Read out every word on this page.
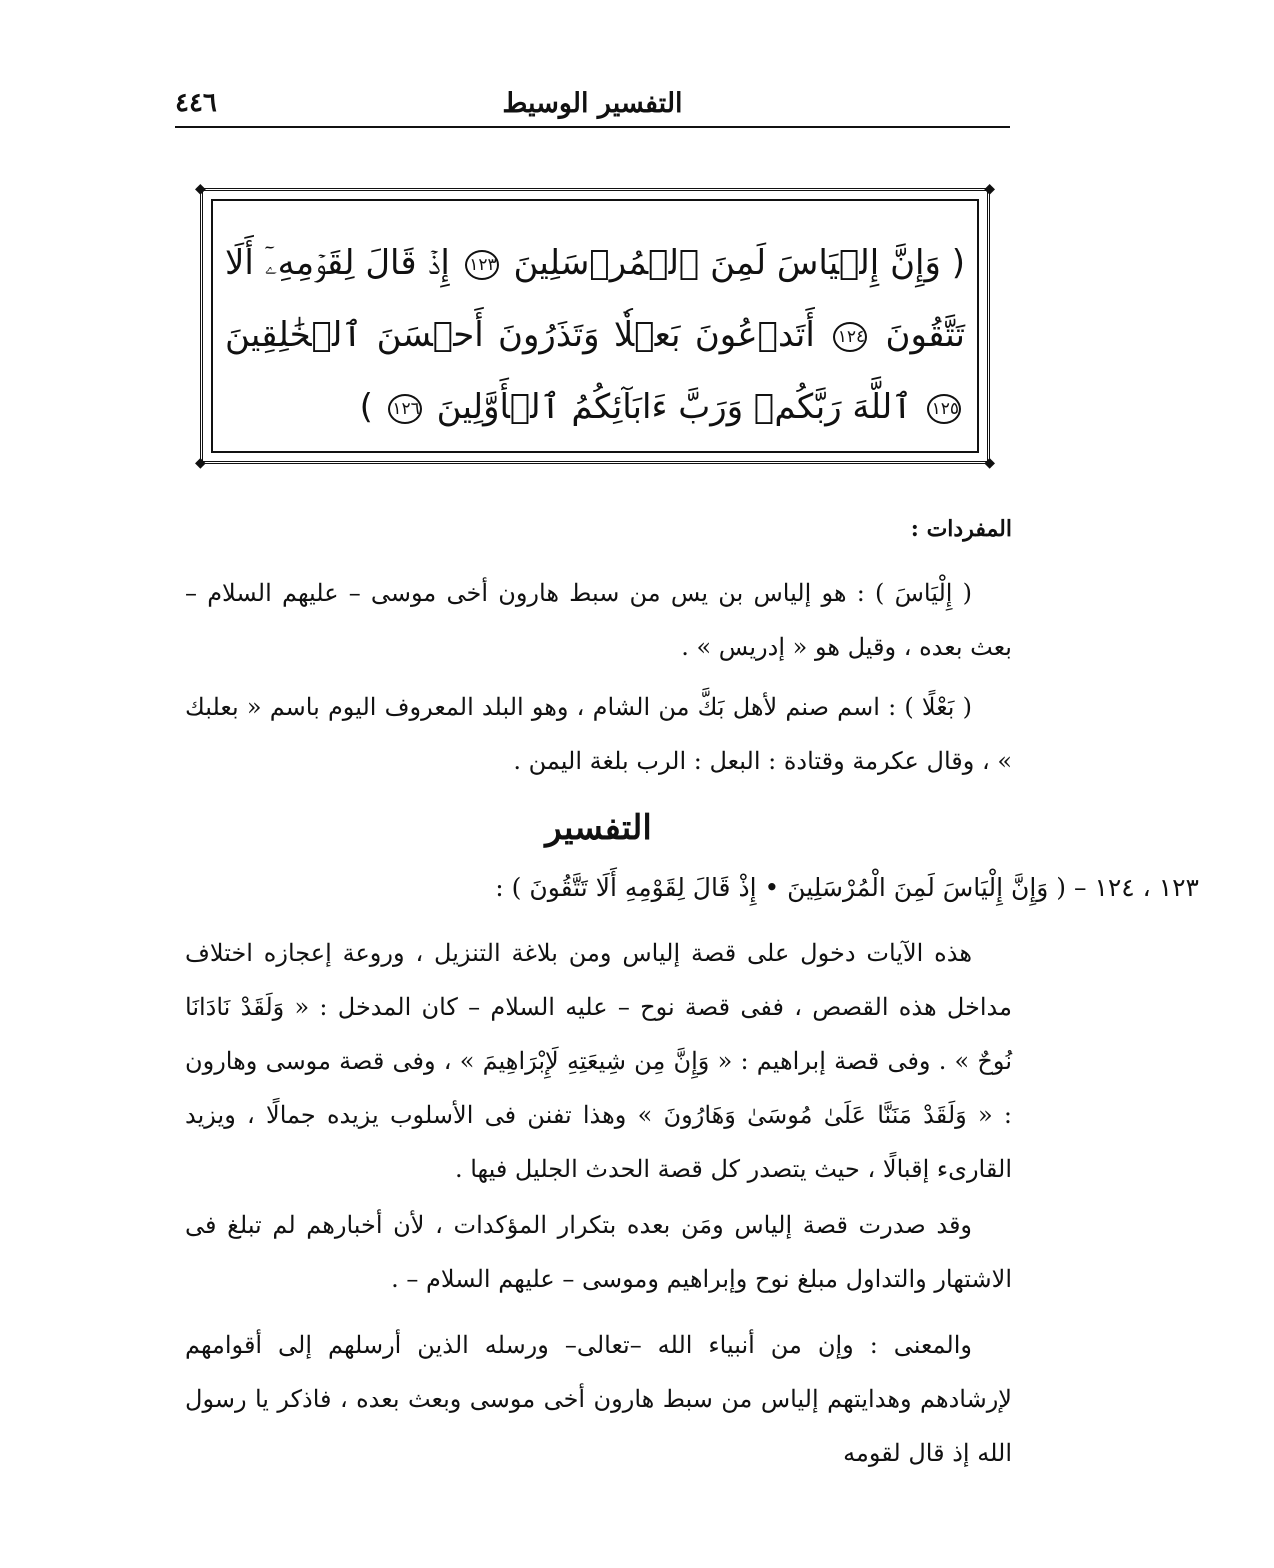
٤٤٦	التفسير الوسيط
◆	◆
◆	◆
( وَإِنَّ إِلۡيَاسَ لَمِنَ ٱلۡمُرۡسَلِينَ ١٢٣ إِذۡ قَالَ لِقَوۡمِهِۦٓ أَلَا تَتَّقُونَ ١٢٤ أَتَدۡعُونَ بَعۡلٗا وَتَذَرُونَ أَحۡسَنَ ٱلۡخَٰلِقِينَ ١٢٥ ٱللَّهَ رَبَّكُمۡ وَرَبَّ ءَابَآئِكُمُ ٱلۡأَوَّلِينَ ١٢٦ )
المفردات :
( إِلْيَاسَ ) : هو إلياس بن يس من سبط هارون أخى موسى – عليهم السلام – بعث بعده ، وقيل هو « إدريس » .
( بَعْلًا ) : اسم صنم لأهل بَكَّ من الشام ، وهو البلد المعروف اليوم باسم « بعلبك » ، وقال عكرمة وقتادة : البعل : الرب بلغة اليمن .
التفسير
١٢٣ ، ١٢٤ – ( وَإِنَّ إِلْيَاسَ لَمِنَ الْمُرْسَلِينَ • إِذْ قَالَ لِقَوْمِهِ أَلَا تَتَّقُونَ ) :
هذه الآيات دخول على قصة إلياس ومن بلاغة التنزيل ، وروعة إعجازه اختلاف مداخل هذه القصص ، ففى قصة نوح – عليه السلام – كان المدخل : « وَلَقَدْ نَادَانَا نُوحٌ » . وفى قصة إبراهيم : « وَإِنَّ مِن شِيعَتِهِ لَإِبْرَاهِيمَ » ، وفى قصة موسى وهارون : « وَلَقَدْ مَنَنَّا عَلَىٰ مُوسَىٰ وَهَارُونَ » وهذا تفنن فى الأسلوب يزيده جمالًا ، ويزيد القارىء إقبالًا ، حيث يتصدر كل قصة الحدث الجليل فيها .
وقد صدرت قصة إلياس ومَن بعده بتكرار المؤكدات ، لأن أخبارهم لم تبلغ فى الاشتهار والتداول مبلغ نوح وإبراهيم وموسى – عليهم السلام – .
والمعنى : وإن من أنبياء الله –تعالى– ورسله الذين أرسلهم إلى أقوامهم لإرشادهم وهدايتهم إلياس من سبط هارون أخى موسى وبعث بعده ، فاذكر يا رسول الله إذ قال لقومه
